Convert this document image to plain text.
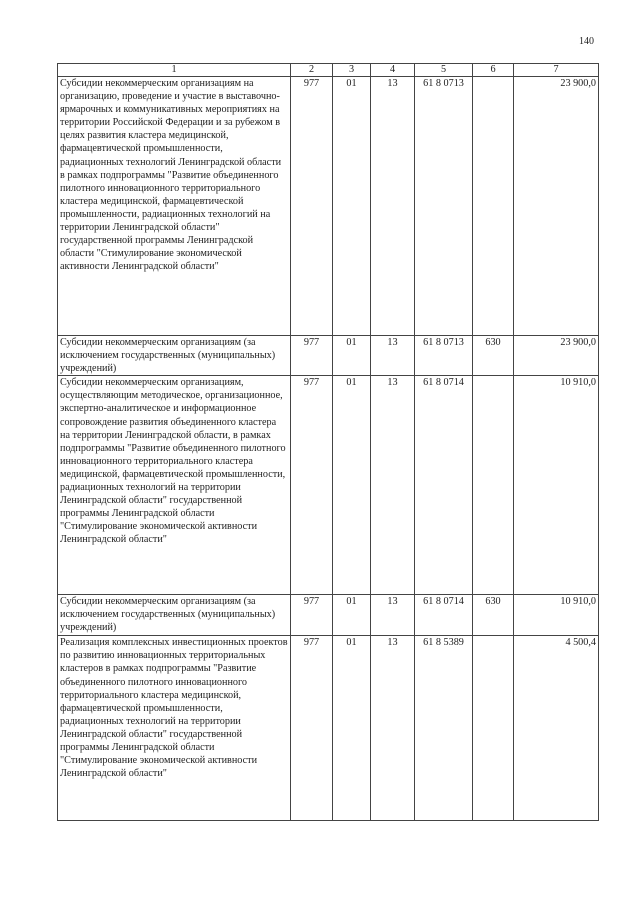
140
1	2	3	4	5	6	7
Субсидии некоммерческим организациям на организацию, проведение и участие в выставочно-ярмарочных и коммуникативных мероприятиях на территории Российской Федерации и за рубежом в целях развития кластера медицинской, фармацевтической промышленности, радиационных технологий Ленинградской области в рамках подпрограммы "Развитие объединенного пилотного инновационного территориального кластера медицинской, фармацевтической промышленности, радиационных технологий на территории Ленинградской области" государственной программы Ленинградской области "Стимулирование экономической активности Ленинградской области"	977	01	13	61 8 0713		23 900,0
Субсидии некоммерческим организациям (за исключением государственных (муниципальных) учреждений)	977	01	13	61 8 0713	630	23 900,0
Субсидии некоммерческим организациям, осуществляющим методическое, организационное, экспертно-аналитическое и информационное сопровождение развития объединенного кластера на территории Ленинградской области, в рамках подпрограммы "Развитие объединенного пилотного инновационного территориального кластера медицинской, фармацевтической промышленности, радиационных технологий на территории Ленинградской области" государственной программы Ленинградской области "Стимулирование экономической активности Ленинградской области"	977	01	13	61 8 0714		10 910,0
Субсидии некоммерческим организациям (за исключением государственных (муниципальных) учреждений)	977	01	13	61 8 0714	630	10 910,0
Реализация комплексных инвестиционных проектов по развитию инновационных территориальных кластеров в рамках подпрограммы "Развитие объединенного пилотного инновационного территориального кластера медицинской, фармацевтической промышленности, радиационных технологий на территории Ленинградской области" государственной программы Ленинградской области "Стимулирование экономической активности Ленинградской области"	977	01	13	61 8 5389		4 500,4
